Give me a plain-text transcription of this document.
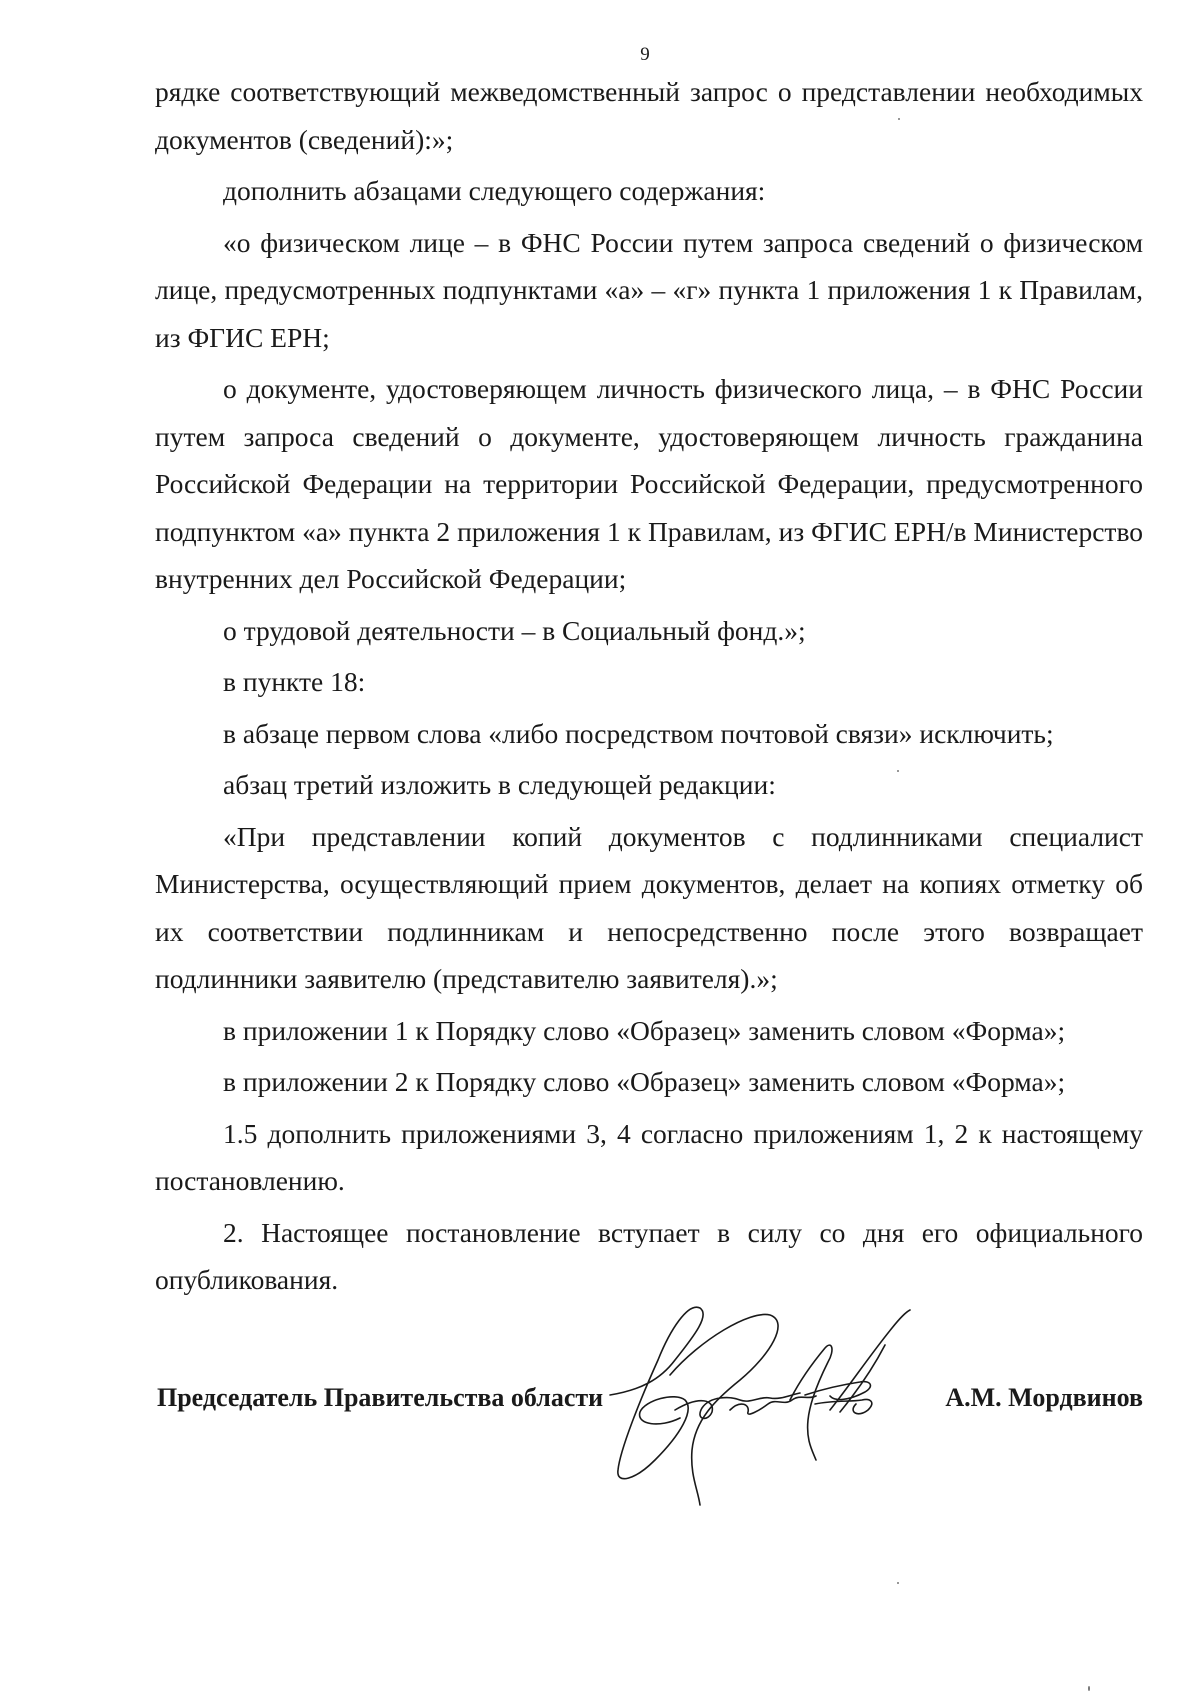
9

рядке соответствующий межведомственный запрос о представлении необходимых документов (сведений):»;

дополнить абзацами следующего содержания:

«о физическом лице – в ФНС России путем запроса сведений о физическом лице, предусмотренных подпунктами «а» – «г» пункта 1 приложения 1 к Правилам, из ФГИС ЕРН;

о документе, удостоверяющем личность физического лица, – в ФНС России путем запроса сведений о документе, удостоверяющем личность гражданина Российской Федерации на территории Российской Федерации, предусмотренного подпунктом «а» пункта 2 приложения 1 к Правилам, из ФГИС ЕРН/в Министерство внутренних дел Российской Федерации;

о трудовой деятельности – в Социальный фонд.»;

в пункте 18:

в абзаце первом слова «либо посредством почтовой связи» исключить;

абзац третий изложить в следующей редакции:

«При представлении копий документов с подлинниками специалист Министерства, осуществляющий прием документов, делает на копиях отметку об их соответствии подлинникам и непосредственно после этого возвращает подлинники заявителю (представителю заявителя).»;

в приложении 1 к Порядку слово «Образец» заменить словом «Форма»;

в приложении 2 к Порядку слово «Образец» заменить словом «Форма»;

1.5 дополнить приложениями 3, 4 согласно приложениям 1, 2 к настоящему постановлению.

2. Настоящее постановление вступает в силу со дня его официального опубликования.

Председатель Правительства области	А.М. Мордвинов
